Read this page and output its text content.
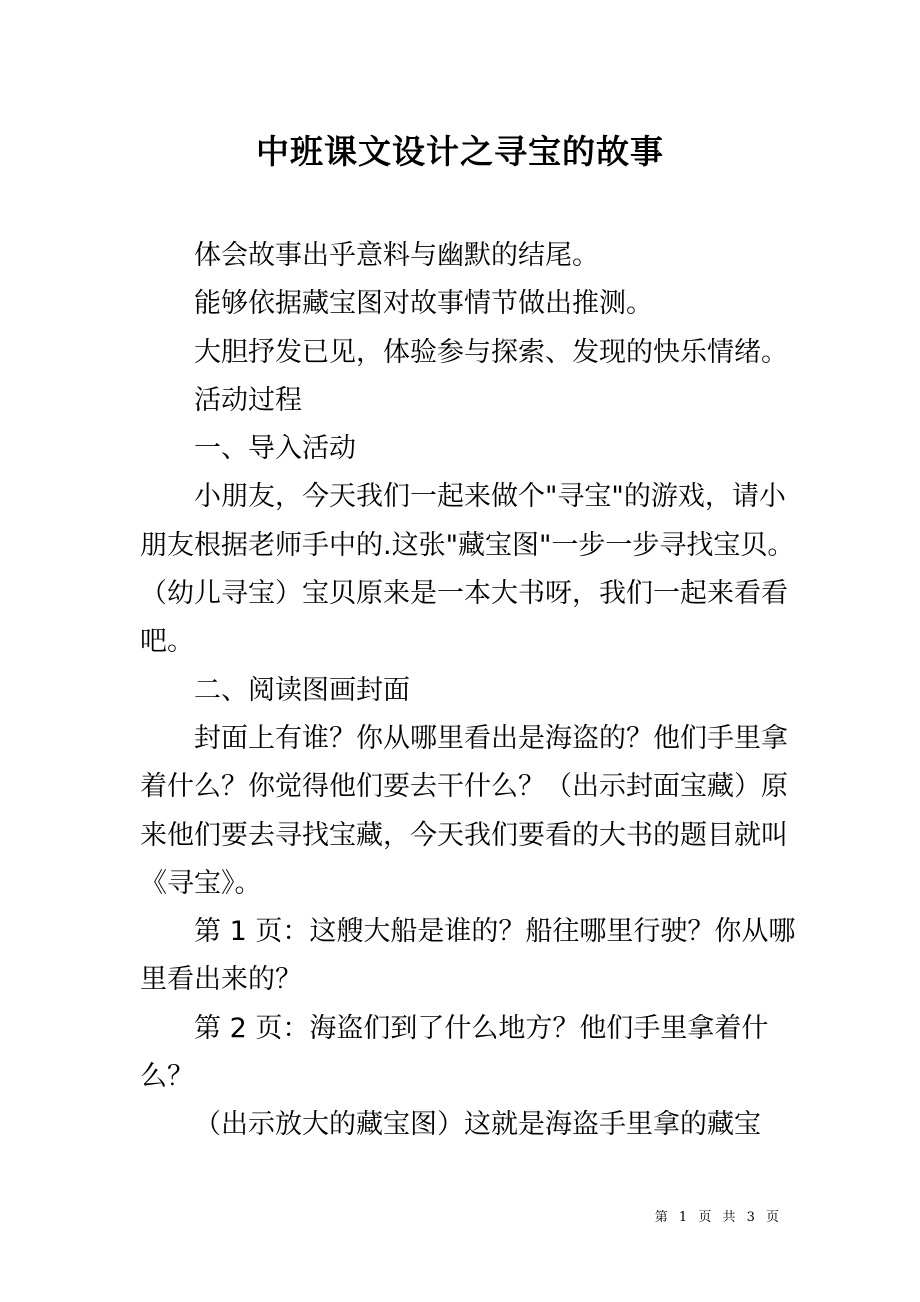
中班课文设计之寻宝的故事

体会故事出乎意料与幽默的结尾。

能够依据藏宝图对故事情节做出推测。

大胆抒发已见，体验参与探索、发现的快乐情绪。

活动过程

一、导入活动

小朋友，今天我们一起来做个"寻宝"的游戏，请小朋友根据老师手中的.这张"藏宝图"一步一步寻找宝贝。（幼儿寻宝）宝贝原来是一本大书呀，我们一起来看看吧。

二、阅读图画封面

封面上有谁？你从哪里看出是海盗的？他们手里拿着什么？你觉得他们要去干什么？（出示封面宝藏）原来他们要去寻找宝藏，今天我们要看的大书的题目就叫《寻宝》。

第 1 页：这艘大船是谁的？船往哪里行驶？你从哪里看出来的？

第 2 页：海盗们到了什么地方？他们手里拿着什么？

（出示放大的藏宝图）这就是海盗手里拿的藏宝

第 1 页 共 3 页
